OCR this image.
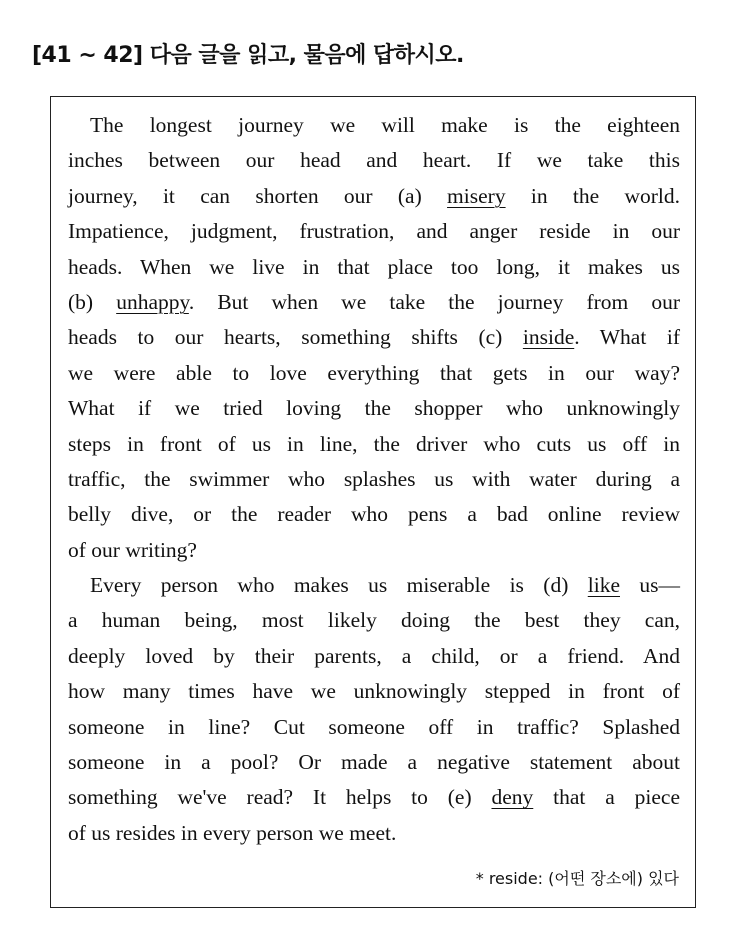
[41 ~ 42] 다음 글을 읽고, 물음에 답하시오.
The longest journey we will make is the eighteen
inches between our head and heart. If we take this
journey, it can shorten our (a) misery in the world.
Impatience, judgment, frustration, and anger reside in our
heads. When we live in that place too long, it makes us
(b) unhappy. But when we take the journey from our
heads to our hearts, something shifts (c) inside. What if
we were able to love everything that gets in our way?
What if we tried loving the shopper who unknowingly
steps in front of us in line, the driver who cuts us off in
traffic, the swimmer who splashes us with water during a
belly dive, or the reader who pens a bad online review
of our writing?
Every person who makes us miserable is (d) like us—
a human being, most likely doing the best they can,
deeply loved by their parents, a child, or a friend. And
how many times have we unknowingly stepped in front of
someone in line? Cut someone off in traffic? Splashed
someone in a pool? Or made a negative statement about
something we've read? It helps to (e) deny that a piece
of us resides in every person we meet.
* reside: (어떤 장소에) 있다
